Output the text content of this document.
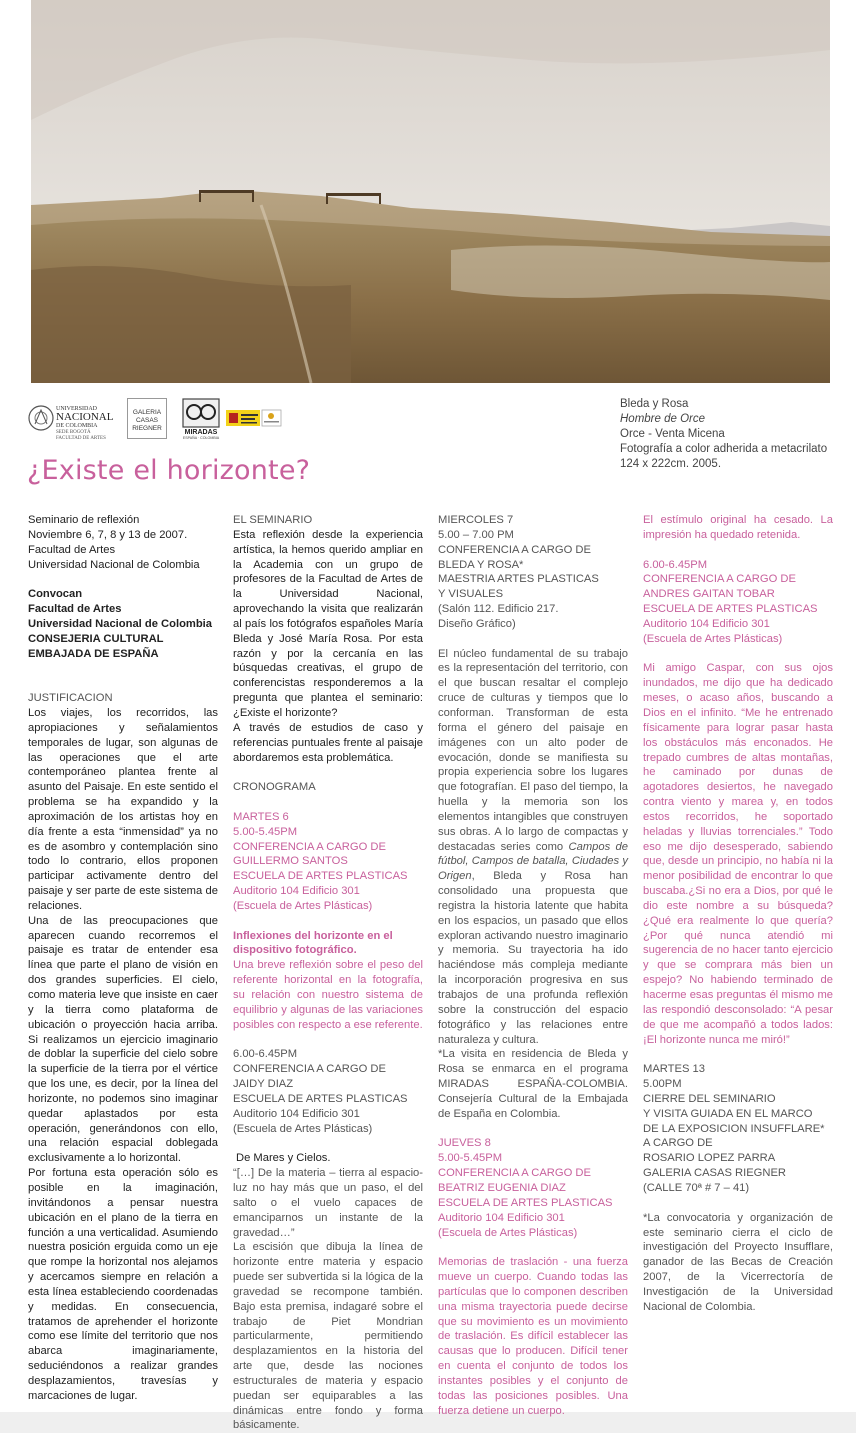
UNIVERSIDAD
NACIONAL
DE COLOMBIA
SEDE BOGOTÁ
FACULTAD DE ARTES
GALERIA
CASAS
RIEGNER
MIRADAS
ESPAÑA · COLOMBIA
Bleda y Rosa
Hombre de Orce
Orce - Venta Micena
Fotografía a color adherida a metacrilato
124 x 222cm. 2005.
¿Existe el horizonte?

Seminario de reflexión

Noviembre 6, 7, 8 y 13 de 2007.

Facultad de Artes

Universidad Nacional de Colombia

Convocan

Facultad de Artes

Universidad Nacional de Colombia

CONSEJERIA CULTURAL

EMBAJADA DE ESPAÑA

JUSTIFICACION

Los viajes, los recorridos, las apropiaciones y señalamientos temporales de lugar, son algunas de las operaciones que el arte contemporáneo plantea frente al asunto del Paisaje. En este sentido el problema se ha expandido y la aproximación de los artistas hoy en día frente a esta “inmensidad” ya no es de asombro y contemplación sino todo lo contrario, ellos proponen participar activamente dentro del paisaje y ser parte de este sistema de relaciones.

Una de las preocupaciones que aparecen cuando recorremos el paisaje es tratar de entender esa línea que parte el plano de visión en dos grandes superficies. El cielo, como materia leve que insiste en caer y la tierra como plataforma de ubicación o proyección hacia arriba. Si realizamos un ejercicio imaginario de doblar la superficie del cielo sobre la superficie de la tierra por el vértice que los une, es decir, por la línea del horizonte, no podemos sino imaginar quedar aplastados por esta operación, generándonos con ello, una relación espacial doblegada exclusivamente a lo horizontal.

Por fortuna esta operación sólo es posible en la imaginación, invitándonos a pensar nuestra ubicación en el plano de la tierra en función a una verticalidad. Asumiendo nuestra posición erguida como un eje que rompe la horizontal nos alejamos y acercamos siempre en relación a esta línea estableciendo coordenadas y medidas. En consecuencia, tratamos de aprehender el horizonte como ese límite del territorio que nos abarca imaginariamente, seduciéndonos a realizar grandes desplazamientos, travesías y marcaciones de lugar.

EL SEMINARIO

Esta reflexión desde la experiencia artística, la hemos querido ampliar en la Academia con un grupo de profesores de la Facultad de Artes de la Universidad Nacional, aprovechando la visita que realizarán al país los fotógrafos españoles María Bleda y José María Rosa. Por esta razón y por la cercanía en las búsquedas creativas, el grupo de conferencistas responderemos a la pregunta que plantea el seminario: ¿Existe el horizonte?

A través de estudios de caso y referencias puntuales frente al paisaje abordaremos esta problemática.

CRONOGRAMA

MARTES 6

5.00-5.45PM

CONFERENCIA A CARGO DE

GUILLERMO SANTOS

ESCUELA DE ARTES PLASTICAS

Auditorio 104 Edificio 301

(Escuela de Artes Plásticas)

Inflexiones del horizonte en el dispositivo fotográfico.

Una breve reflexión sobre el peso del referente horizontal en la fotografía, su relación con nuestro sistema de equilibrio y algunas de las variaciones posibles con respecto a ese referente.

6.00-6.45PM

CONFERENCIA A CARGO DE

JAIDY DIAZ

ESCUELA DE ARTES PLASTICAS

Auditorio 104 Edificio 301

(Escuela de Artes Plásticas)

De Mares y Cielos.

“[…] De la materia – tierra al espacio-luz no hay más que un paso, el del salto o el vuelo capaces de emanciparnos un instante de la gravedad…”

La escisión que dibuja la línea de horizonte entre materia y espacio puede ser subvertida si la lógica de la gravedad se recompone también. Bajo esta premisa, indagaré sobre el trabajo de Piet Mondrian particularmente, permitiendo desplazamientos en la historia del arte que, desde las nociones estructurales de materia y espacio puedan ser equiparables a las dinámicas entre fondo y forma básicamente.

MIERCOLES 7

5.00 – 7.00 PM

CONFERENCIA A CARGO DE

BLEDA Y ROSA*

MAESTRIA ARTES PLASTICAS

Y VISUALES

(Salón 112. Edificio 217.

Diseño Gráfico)

El núcleo fundamental de su trabajo es la representación del territorio, con el que buscan resaltar el complejo cruce de culturas y tiempos que lo conforman. Transforman de esta forma el género del paisaje en imágenes con un alto poder de evocación, donde se manifiesta su propia experiencia sobre los lugares que fotografían. El paso del tiempo, la huella y la memoria son los elementos intangibles que construyen sus obras. A lo largo de compactas y destacadas series como Campos de fútbol, Campos de batalla, Ciudades y Origen, Bleda y Rosa han consolidado una propuesta que registra la historia latente que habita en los espacios, un pasado que ellos exploran activando nuestro imaginario y memoria. Su trayectoria ha ido haciéndose más compleja mediante la incorporación progresiva en sus trabajos de una profunda reflexión sobre la construcción del espacio fotográfico y las relaciones entre naturaleza y cultura.

*La visita en residencia de Bleda y Rosa se enmarca en el programa MIRADAS ESPAÑA-COLOMBIA. Consejería Cultural de la Embajada de España en Colombia.

JUEVES 8

5.00-5.45PM

CONFERENCIA A CARGO DE

BEATRIZ EUGENIA DIAZ

ESCUELA DE ARTES PLASTICAS

Auditorio 104 Edificio 301

(Escuela de Artes Plásticas)

Memorias de traslación - una fuerza mueve un cuerpo. Cuando todas las partículas que lo componen describen una misma trayectoria puede decirse que su movimiento es un movimiento de traslación. Es difícil establecer las causas que lo producen. Difícil tener en cuenta el conjunto de todos los instantes posibles y el conjunto de todas las posiciones posibles. Una fuerza detiene un cuerpo.

El estímulo original ha cesado. La impresión ha quedado retenida.

6.00-6.45PM

CONFERENCIA A CARGO DE

ANDRES GAITAN TOBAR

ESCUELA DE ARTES PLASTICAS

Auditorio 104 Edificio 301

(Escuela de Artes Plásticas)

Mi amigo Caspar, con sus ojos inundados, me dijo que ha dedicado meses, o acaso años, buscando a Dios en el infinito. “Me he entrenado físicamente para lograr pasar hasta los obstáculos más enconados. He trepado cumbres de altas montañas, he caminado por dunas de agotadores desiertos, he navegado contra viento y marea y, en todos estos recorridos, he soportado heladas y lluvias torrenciales.” Todo eso me dijo desesperado, sabiendo que, desde un principio, no había ni la menor posibilidad de encontrar lo que buscaba.¿Si no era a Dios, por qué le dio este nombre a su búsqueda? ¿Qué era realmente lo que quería? ¿Por qué nunca atendió mi sugerencia de no hacer tanto ejercicio y que se comprara más bien un espejo? No habiendo terminado de hacerme esas preguntas él mismo me las respondió desconsolado: “A pesar de que me acompañó a todos lados: ¡El horizonte nunca me miró!”

MARTES 13

5.00PM

CIERRE DEL SEMINARIO

Y VISITA GUIADA EN EL MARCO

DE LA EXPOSICION INSUFFLARE*

A CARGO DE

ROSARIO LOPEZ PARRA

GALERIA CASAS RIEGNER

(CALLE 70ª # 7 – 41)

*La convocatoria y organización de este seminario cierra el ciclo de investigación del Proyecto Insufflare, ganador de las Becas de Creación 2007, de la Vicerrectoría de Investigación de la Universidad Nacional de Colombia.
